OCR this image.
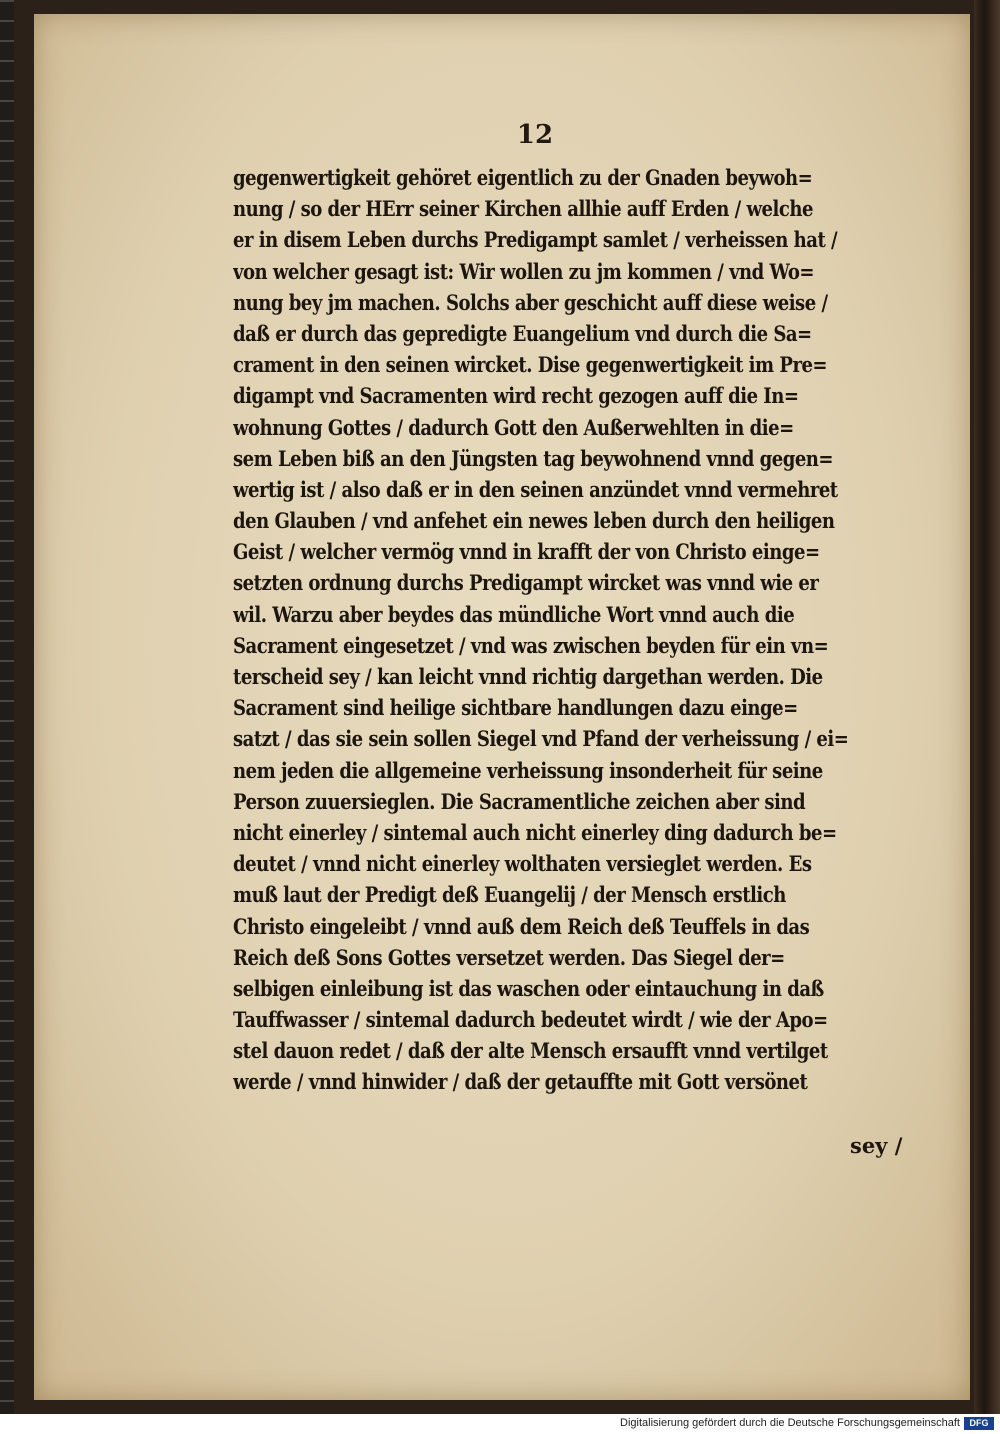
12

gegenwertigkeit gehöret eigentlich zu der Gnaden beywoh=
nung / so der HErr seiner Kirchen allhie auff Erden / welche
er in disem Leben durchs Predigampt samlet / verheissen hat /
von welcher gesagt ist: Wir wollen zu jm kommen / vnd Wo=
nung bey jm machen. Solchs aber geschicht auff diese weise /
daß er durch das gepredigte Euangelium vnd durch die Sa=
crament in den seinen wircket. Dise gegenwertigkeit im Pre=
digampt vnd Sacramenten wird recht gezogen auff die In=
wohnung Gottes / dadurch Gott den Außerwehlten in die=
sem Leben biß an den Jüngsten tag beywohnend vnnd gegen=
wertig ist / also daß er in den seinen anzündet vnnd vermehret
den Glauben / vnd anfehet ein newes leben durch den heiligen
Geist / welcher vermög vnnd in krafft der von Christo einge=
setzten ordnung durchs Predigampt wircket was vnnd wie er
wil. Warzu aber beydes das mündliche Wort vnnd auch die
Sacrament eingesetzet / vnd was zwischen beyden für ein vn=
terscheid sey / kan leicht vnnd richtig dargethan werden. Die
Sacrament sind heilige sichtbare handlungen dazu einge=
satzt / das sie sein sollen Siegel vnd Pfand der verheissung / ei=
nem jeden die allgemeine verheissung insonderheit für seine
Person zuuersieglen. Die Sacramentliche zeichen aber sind
nicht einerley / sintemal auch nicht einerley ding dadurch be=
deutet / vnnd nicht einerley wolthaten versieglet werden. Es
muß laut der Predigt deß Euangelij / der Mensch erstlich
Christo eingeleibt / vnnd auß dem Reich deß Teuffels in das
Reich deß Sons Gottes versetzet werden. Das Siegel der=
selbigen einleibung ist das waschen oder eintauchung in daß
Tauffwasser / sintemal dadurch bedeutet wirdt / wie der Apo=
stel dauon redet / daß der alte Mensch ersaufft vnnd vertilget
werde / vnnd hinwider / daß der getauffte mit Gott versönet

sey /

Digitalisierung gefördert durch die Deutsche Forschungsgemeinschaft	DFG
